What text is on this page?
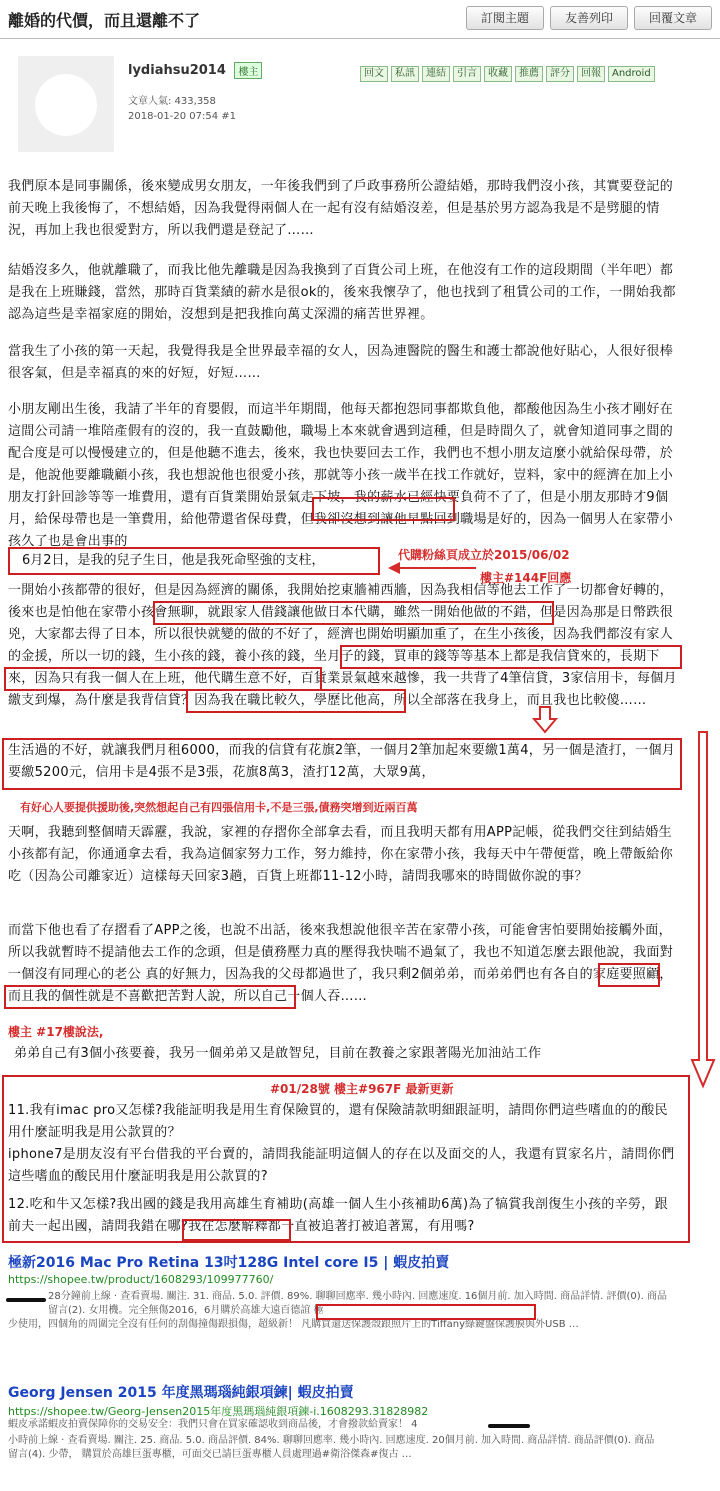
離婚的代價，而且還離不了	訂閱主題	友善列印	回覆文章
lydiahsu2014 樓主
文章人氣: 433,358
2018-01-20 07:54 #1
回文	私訊	連結	引言	收藏	推薦	評分	回報	Android
我們原本是同事關係，後來變成男女朋友，一年後我們到了戶政事務所公證結婚，那時我們沒小孩，其實要登記的前天晚上我後悔了，不想結婚，因為我覺得兩個人在一起有沒有結婚沒差，但是基於男方認為我是不是劈腿的情況，再加上我也很愛對方，所以我們還是登記了……
結婚沒多久，他就離職了，而我比他先離職是因為我換到了百貨公司上班，在他沒有工作的這段期間（半年吧）都是我在上班賺錢，當然，那時百貨業績的薪水是很ok的，後來我懷孕了，他也找到了租賃公司的工作，一開始我都認為這些是幸福家庭的開始，沒想到是把我推向萬丈深淵的痛苦世界裡。
當我生了小孩的第一天起，我覺得我是全世界最幸福的女人，因為連醫院的醫生和護士都說他好貼心，人很好很棒很客氣，但是幸福真的來的好短，好短……
小朋友剛出生後，我請了半年的育嬰假，而這半年期間，他每天都抱怨同事都欺負他，都酸他因為生小孩才剛好在這間公司請一堆陪產假有的沒的，我一直鼓勵他，職場上本來就會遇到這種，但是時間久了，就會知道同事之間的配合度是可以慢慢建立的，但是他聽不進去，後來，我也快要回去工作，我們也不想小朋友這麼小就給保母帶，於是，他說他要離職顧小孩，我也想說他也很愛小孩，那就等小孩一歲半在找工作就好，豈料，家中的經濟在加上小朋友打針回診等等一堆費用，還有百貨業開始景氣走下坡，我的薪水已經快要負荷不了了，但是小朋友那時才9個月，給保母帶也是一筆費用，給他帶還省保母費，但我卻沒想到讓他早點回到職場是好的，因為一個男人在家帶小孩久了也是會出事的
6月2日，是我的兒子生日，他是我死命堅強的支柱，	代購粉絲頁成立於2015/06/02
樓主#144F回應
一開始小孩都帶的很好，但是因為經濟的關係，我開始挖東牆補西牆，因為我相信等他去工作了一切都會好轉的，後來也是怕他在家帶小孩會無聊，就跟家人借錢讓他做日本代購，雖然一開始他做的不錯，但是因為那是日幣跌很兇，大家都去得了日本，所以很快就變的做的不好了，經濟也開始明顯加重了，在生小孩後，因為我們都沒有家人的金援，所以一切的錢，生小孩的錢，養小孩的錢，坐月子的錢，買車的錢等等基本上都是我信貸來的，長期下來，因為只有我一個人在上班，他代購生意不好，百貨業景氣越來越慘，我一共背了4筆信貸，3家信用卡，每個月繳支到爆，為什麼是我背信貸？因為我在職比較久，學歷比他高，所以全部落在我身上，而且我也比較傻……
生活過的不好，就讓我們月租6000，而我的信貸有花旗2筆，一個月2筆加起來要繳1萬4，另一個是渣打，一個月要繳5200元，信用卡是4張不是3張，花旗8萬3，渣打12萬，大眾9萬，
有好心人要提供援助後,突然想起自己有四張信用卡,不是三張,債務突增到近兩百萬
天啊，我聽到整個晴天霹靂，我說，家裡的存摺你全部拿去看，而且我明天都有用APP記帳，從我們交往到結婚生小孩都有記，你通通拿去看，我為這個家努力工作，努力維持，你在家帶小孩，我每天中午帶便當，晚上帶飯給你吃（因為公司離家近）這樣每天回家3趟，百貨上班都11-12小時，請問我哪來的時間做你說的事？
而當下他也看了存摺看了APP之後，也說不出話，後來我想說他很辛苦在家帶小孩，可能會害怕要開始接觸外面，所以我就暫時不提請他去工作的念頭，但是債務壓力真的壓得我快喘不過氣了，我也不知道怎麼去跟他說，我面對一個沒有同理心的老公 真的好無力，因為我的父母都過世了，我只剩2個弟弟，而弟弟們也有各自的家庭要照顧，而且我的個性就是不喜歡把苦對人說，所以自己一個人吞……
樓主 #17樓說法,
弟弟自己有3個小孩要養，我另一個弟弟又是啟智兒，目前在教養之家跟著陽光加油站工作
#01/28號 樓主#967F 最新更新
11.我有imac pro又怎樣?我能証明我是用生育保險買的，還有保險請款明細跟証明，請問你們這些嗜血的的酸民用什麼証明我是用公款買的？
iphone7是朋友沒有平台借我的平台賣的，請問我能証明這個人的存在以及面交的人，我還有買家名片，請問你們這些嗜血的酸民用什麼証明我是用公款買的?
12.吃和牛又怎樣?我出國的錢是我用高雄生育補助(高雄一個人生小孩補助6萬)為了犒賞我剖復生小孩的辛勞，跟前夫一起出國，請問我錯在哪?我在怎麼解釋都一直被追著打被追著罵，有用嗎?
極新2016 Mac Pro Retina 13吋128G Intel core I5 | 蝦皮拍賣
https://shopee.tw/product/1608293/109977760/
28分鐘前上線 · 查看賣場. 關注. 31. 商品. 5.0. 評價. 89%. 聊聊回應率. 幾小時內. 回應速度. 16個月前. 加入時間. 商品詳情. 評價(0). 商品留言(2). 女用機。完全無傷2016，6月購於高雄大遠百德誼 極
少使用，四個角的周圍完全沒有任何的刮傷撞傷跟損傷，超級新！ 凡購買還送保護殼跟照片上的Tiffany綠鍵盤保護膜與外USB …
Georg Jensen 2015 年度黑瑪瑙純銀項鍊| 蝦皮拍賣
https://shopee.tw/Georg-Jensen2015年度黑瑪瑙純銀項鍊-i.1608293.31828982
蝦皮承諾蝦皮拍賣保障你的交易安全：我們只會在買家確認收到商品後，才會撥款給賣家！ 4
小時前上線 · 查看賣場. 關注. 25. 商品. 5.0. 商品評價. 84%. 聊聊回應率. 幾小時內. 回應速度. 20個月前. 加入時間. 商品詳情. 商品評價(0). 商品留言(4). 少帶， 購買於高雄巨蛋專櫃，可面交已請巨蛋專櫃人員處理過#衛浴傑森#復古 …
